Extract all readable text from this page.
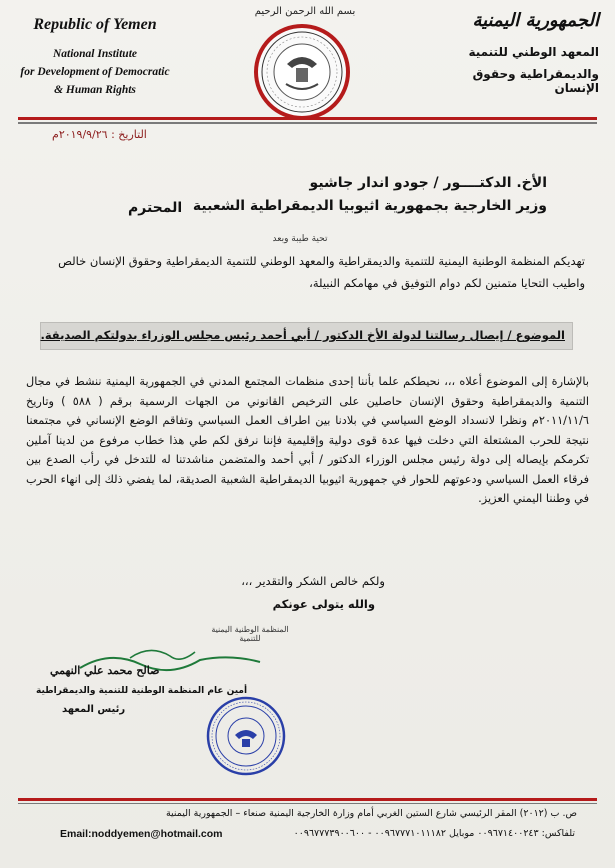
Republic of Yemen
National Institute
for Development of Democratic
& Human Rights
بسم الله الرحمن الرحيم	الجمهورية اليمنية
المعهد الوطني للتنمية
والديمقراطية وحقوق الإنسان
التاريخ : ٢٠١٩/٩/٢٦م
الأخ. الدكتــــور / جودو اندار جاشيو
وزير الخارجية بجمهورية اثيوبيا الديمقراطية الشعبية
المحترم
تحية طيبة وبعد
تهديكم المنظمة الوطنية اليمنية للتنمية والديمقراطية والمعهد الوطني للتنمية الديمقراطية وحقوق الإنسان خالص واطيب التحايا متمنين لكم دوام التوفيق في مهامكم النبيلة،
الموضوع / إيصال رسالتنا لدولة الأخ الدكتور / أبي أحمد رئيس مجلس الوزراء بدولتكم الصديقة.
بالإشارة إلى الموضوع أعلاه ،،، نحيطكم علما بأننا إحدى منظمات المجتمع المدني في الجمهورية اليمنية ننشط في مجال التنمية والديمقراطية وحقوق الإنسان حاصلين على الترخيص القانوني من الجهات الرسمية برقم ( ٥٨٨ ) وتاريخ ٢٠١١/١١/٦م ونظرا لانسداد الوضع السياسي في بلادنا بين اطراف العمل السياسي وتفاقم الوضع الإنساني في مجتمعنا نتيجة للحرب المشتعلة التي دخلت فيها عدة قوى دولية وإقليمية فإننا نرفق لكم طي هذا خطاب مرفوع من لدينا آملين تكرمكم بإيصاله إلى دولة رئيس مجلس الوزراء الدكتور / أبي أحمد والمتضمن مناشدتنا له للتدخل في رأب الصدع بين فرقاء العمل السياسي ودعوتهم للحوار في جمهورية اثيوبيا الديمقراطية الشعبية الصديقة، لما يفضي ذلك إلى انهاء الحرب في وطننا اليمني العزيز.
ولكم خالص الشكر والتقدير ،،،
والله يتولى عونكم
المنظمة الوطنية اليمنية للتنمية
صالح محمد علي النهمي
أمين عام المنظمة الوطنية للتنمية والديمقراطية
رئيس المعهد
ص. ب (٢٠١٢) المقر الرئيسي شارع الستين الغربي أمام وزارة الخارجية اليمنية صنعاء – الجمهورية اليمنية
Email:noddyemen@hotmail.com	تلفاكس: ٠٠٩٦٧١٤٠٠٢٤٣ موبايل ٠٠٩٦٧٧٧١٠١١١٨٢ - ٠٠٩٦٧٧٧٣٩٠٠٦٠٠
